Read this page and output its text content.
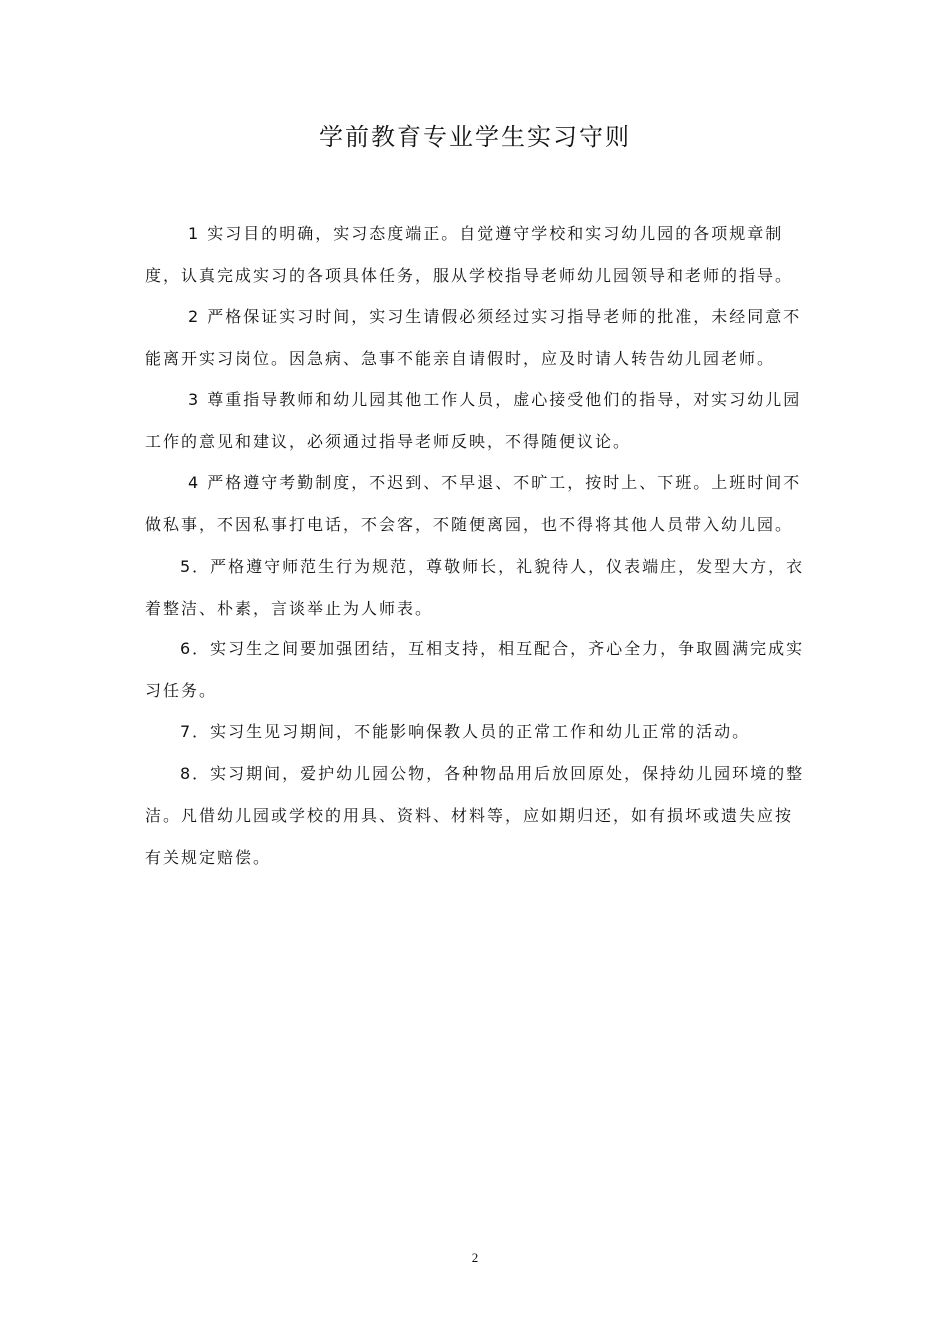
学前教育专业学生实习守则
1 实习目的明确，实习态度端正。自觉遵守学校和实习幼儿园的各项规章制
度，认真完成实习的各项具体任务，服从学校指导老师幼儿园领导和老师的指导。
2 严格保证实习时间，实习生请假必须经过实习指导老师的批准，未经同意不
能离开实习岗位。因急病、急事不能亲自请假时，应及时请人转告幼儿园老师。
3 尊重指导教师和幼儿园其他工作人员，虚心接受他们的指导，对实习幼儿园
工作的意见和建议，必须通过指导老师反映，不得随便议论。
4 严格遵守考勤制度，不迟到、不早退、不旷工，按时上、下班。上班时间不
做私事，不因私事打电话，不会客，不随便离园，也不得将其他人员带入幼儿园。
5．严格遵守师范生行为规范，尊敬师长，礼貌待人，仪表端庄，发型大方，衣
着整洁、朴素，言谈举止为人师表。
6．实习生之间要加强团结，互相支持，相互配合，齐心全力，争取圆满完成实
习任务。
7．实习生见习期间，不能影响保教人员的正常工作和幼儿正常的活动。
8．实习期间，爱护幼儿园公物，各种物品用后放回原处，保持幼儿园环境的整
洁。凡借幼儿园或学校的用具、资料、材料等，应如期归还，如有损坏或遗失应按
有关规定赔偿。
2
